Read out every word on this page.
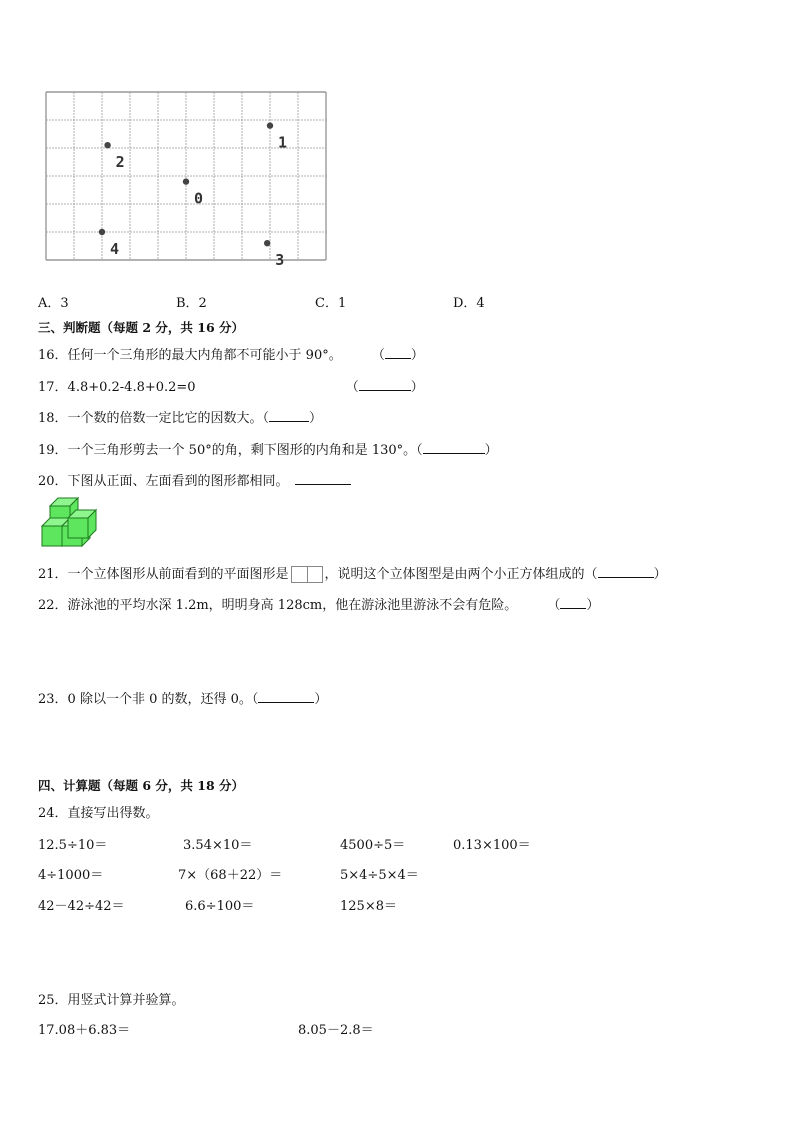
1
2
0
4
3
A．3	B．2	C．1	D．4
三、判断题（每题 2 分，共 16 分）
16．任何一个三角形的最大内角都不可能小于 90°。 （ ）
17．4.8+0.2-4.8+0.2=0	（	）
18．一个数的倍数一定比它的因数大。（	）
19．一个三角形剪去一个 50°的角，剩下图形的内角和是 130°。（	）
20．下图从正面、左面看到的图形都相同。
21．一个立体图形从前面看到的平面图形是	，说明这个立体图型是由两个小正方体组成的（	）
22．游泳池的平均水深 1.2m，明明身高 128cm，他在游泳池里游泳不会有危险。 （ ）
23．0 除以一个非 0 的数，还得 0。（	）
四、计算题（每题 6 分，共 18 分）
24．直接写出得数。
12.5÷10＝	3.54×10＝	4500÷5＝	0.13×100＝
4÷1000＝	7×（68＋22）＝	5×4÷5×4＝
42－42÷42＝	6.6÷100＝	125×8＝
25．用竖式计算并验算。
17.08＋6.83＝	8.05－2.8＝
